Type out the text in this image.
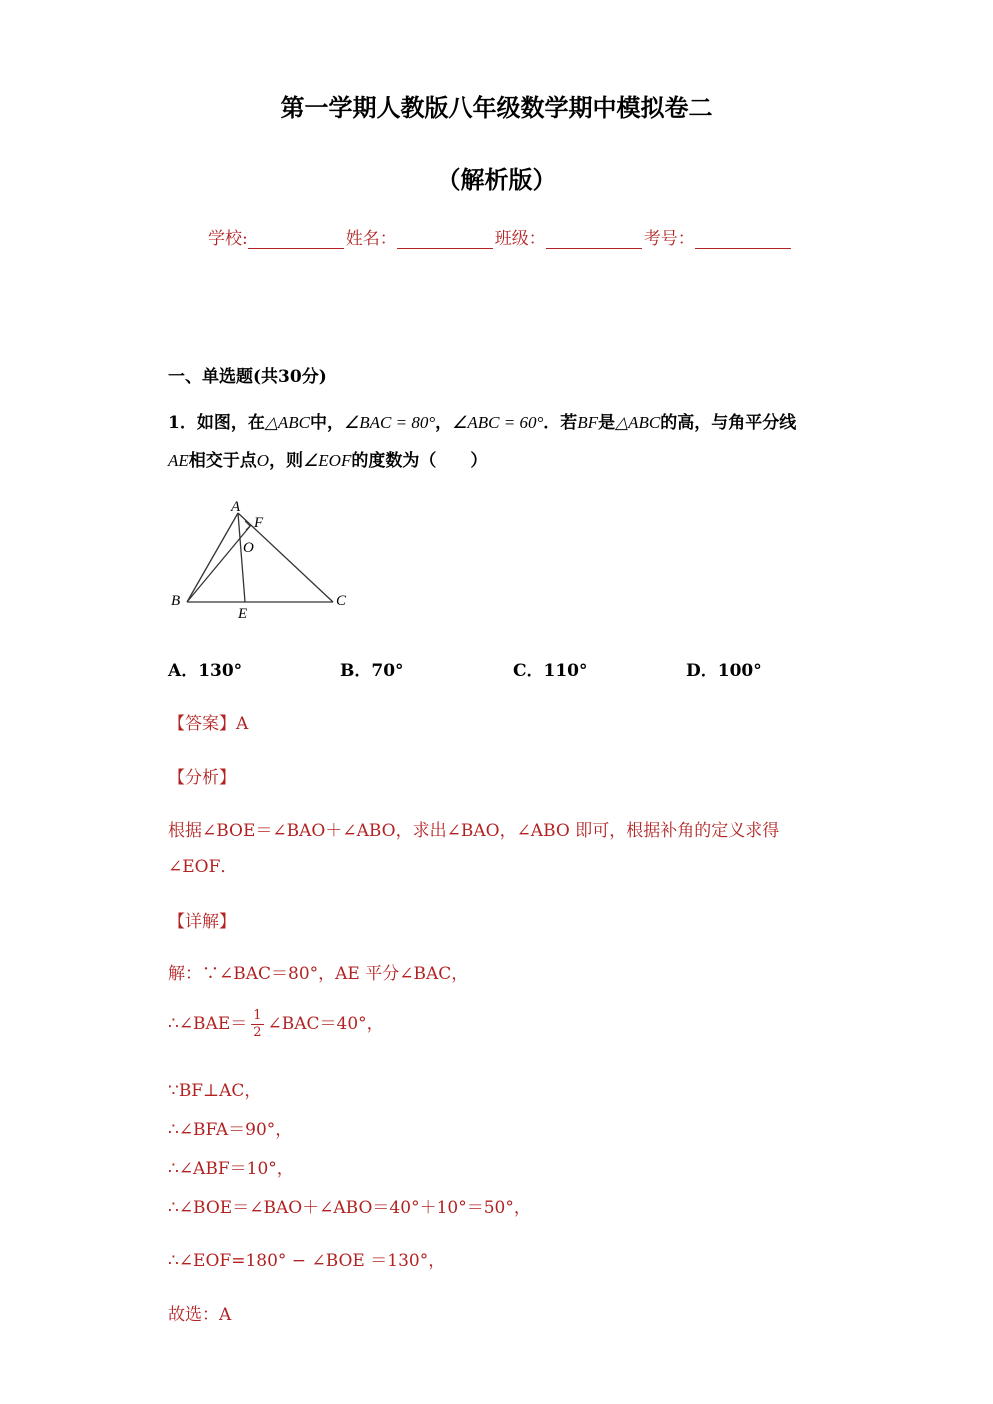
第一学期人教版八年级数学期中模拟卷二
（解析版）
学校:	姓名：	班级：	考号：
一、单选题(共30分)
1．如图，在△ABC中，∠BAC = 80°，∠ABC = 60°．若BF是△ABC的高，与角平分线
AE相交于点O，则∠EOF的度数为（　　）
A
F
O
B
E
C
A．130°	B．70°	C．110°	D．100°
【答案】A
【分析】
根据∠BOE＝∠BAO＋∠ABO，求出∠BAO，∠ABO 即可，根据补角的定义求得
∠EOF．
【详解】
解：∵∠BAC＝80°，AE 平分∠BAC，
∴∠BAE＝ $\frac{1}{2}$ ∠BAC＝40°，
∵BF⊥AC，
∴∠BFA＝90°，
∴∠ABF＝10°，
∴∠BOE＝∠BAO＋∠ABO＝40°＋10°＝50°，
∴∠EOF=180° − ∠BOE ＝130°，
故选：A
